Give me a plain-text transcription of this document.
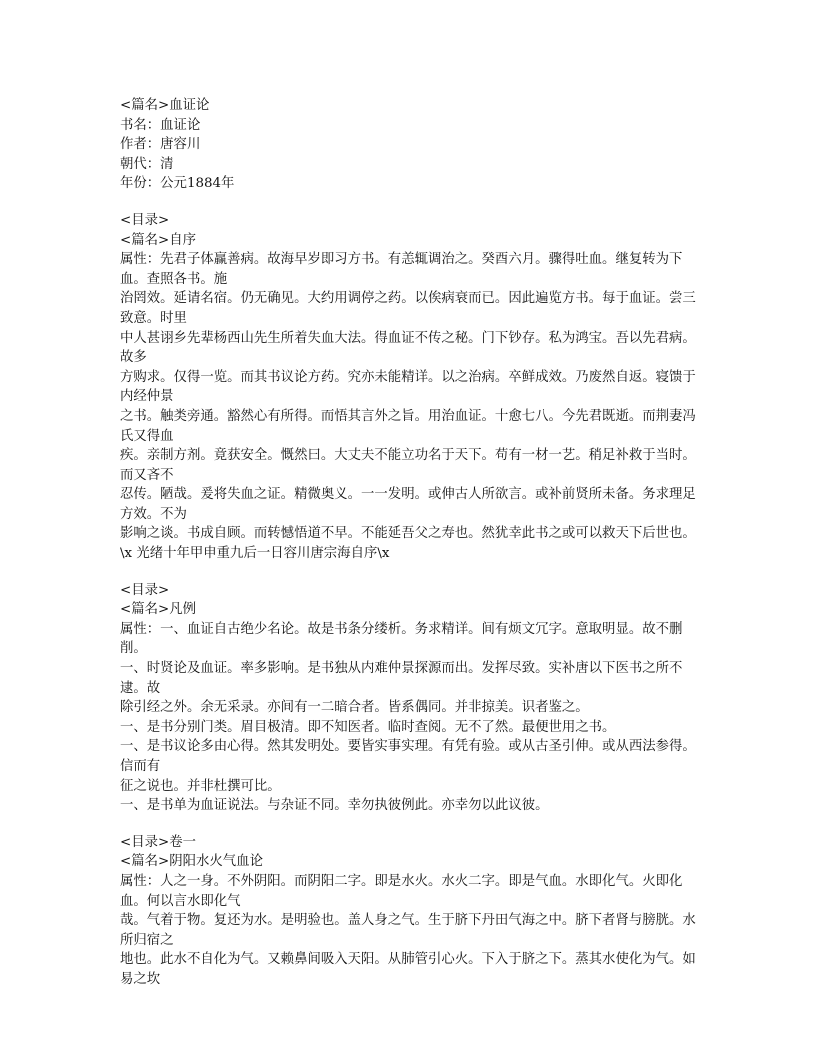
<篇名>血证论
书名：血证论
作者：唐容川
朝代：清
年份：公元1884年
<目录>
<篇名>自序
属性：先君子体赢善病。故海早岁即习方书。有恙辄调治之。癸酉六月。骤得吐血。继复转为下血。查照各书。施
治罔效。延请名宿。仍无确见。大约用调停之药。以俟病衰而已。因此遍览方书。每于血证。尝三致意。时里
中人甚诩乡先辈杨西山先生所着失血大法。得血证不传之秘。门下钞存。私为鸿宝。吾以先君病。故多
方购求。仅得一览。而其书议论方药。究亦未能精详。以之治病。卒鲜成效。乃废然自返。寝馈于内经仲景
之书。触类旁通。豁然心有所得。而悟其言外之旨。用治血证。十愈七八。今先君既逝。而荆妻冯氏又得血
疾。亲制方剂。竟获安全。慨然曰。大丈夫不能立功名于天下。苟有一材一艺。稍足补救于当时。而又吝不
忍传。陋哉。爰将失血之证。精微奥义。一一发明。或伸古人所欲言。或补前贤所未备。务求理足方效。不为
影响之谈。书成自顾。而转憾悟道不早。不能延吾父之寿也。然犹幸此书之或可以救天下后世也。
\x 光绪十年甲申重九后一日容川唐宗海自序\x
<目录>
<篇名>凡例
属性：一、血证自古绝少名论。故是书条分缕析。务求精详。间有烦文冗字。意取明显。故不删削。
一、时贤论及血证。率多影响。是书独从内难仲景探源而出。发挥尽致。实补唐以下医书之所不逮。故
除引经之外。余无采录。亦间有一二暗合者。皆系偶同。并非掠美。识者鉴之。
一、是书分别门类。眉目极清。即不知医者。临时查阅。无不了然。最便世用之书。
一、是书议论多由心得。然其发明处。要皆实事实理。有凭有验。或从古圣引伸。或从西法参得。信而有
征之说也。并非杜撰可比。
一、是书单为血证说法。与杂证不同。幸勿执彼例此。亦幸勿以此议彼。
<目录>卷一
<篇名>阴阳水火气血论
属性：人之一身。不外阴阳。而阴阳二字。即是水火。水火二字。即是气血。水即化气。火即化血。何以言水即化气
哉。气着于物。复还为水。是明验也。盖人身之气。生于脐下丹田气海之中。脐下者肾与膀胱。水所归宿之
地也。此水不自化为气。又赖鼻间吸入天阳。从肺管引心火。下入于脐之下。蒸其水使化为气。如易之坎
